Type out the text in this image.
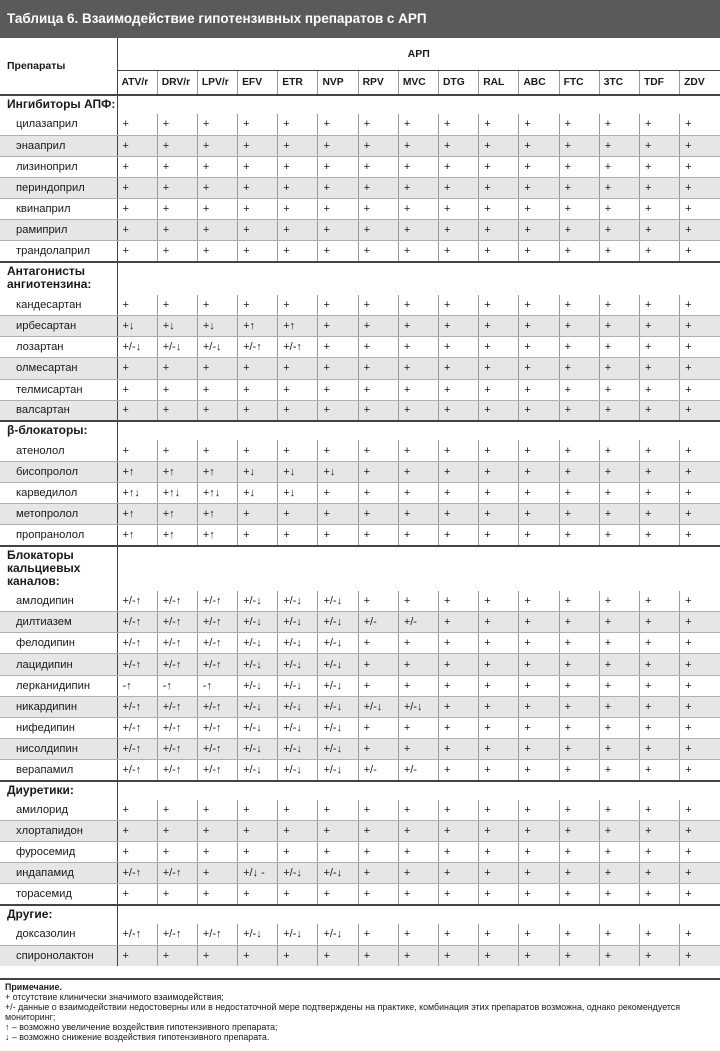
Таблица 6. Взаимодействие гипотензивных препаратов с АРП
Препараты	АРП														
	ATV/r	DRV/r	LPV/r	EFV	ETR	NVP	RPV	MVC	DTG	RAL	ABC	FTC	3TC	TDF	ZDV
Ингибиторы АПФ:															
цилазаприл	+	+	+	+	+	+	+	+	+	+	+	+	+	+	+
энааприл	+	+	+	+	+	+	+	+	+	+	+	+	+	+	+
лизиноприл	+	+	+	+	+	+	+	+	+	+	+	+	+	+	+
периндоприл	+	+	+	+	+	+	+	+	+	+	+	+	+	+	+
квинаприл	+	+	+	+	+	+	+	+	+	+	+	+	+	+	+
рамиприл	+	+	+	+	+	+	+	+	+	+	+	+	+	+	+
трандолаприл	+	+	+	+	+	+	+	+	+	+	+	+	+	+	+
Антагонисты
ангиотензина:															
кандесартан	+	+	+	+	+	+	+	+	+	+	+	+	+	+	+
ирбесартан	+↓	+↓	+↓	+↑	+↑	+	+	+	+	+	+	+	+	+	+
лозартан	+/-↓	+/-↓	+/-↓	+/-↑	+/-↑	+	+	+	+	+	+	+	+	+	+
олмесартан	+	+	+	+	+	+	+	+	+	+	+	+	+	+	+
телмисартан	+	+	+	+	+	+	+	+	+	+	+	+	+	+	+
валсартан	+	+	+	+	+	+	+	+	+	+	+	+	+	+	+
β-блокаторы:															
атенолол	+	+	+	+	+	+	+	+	+	+	+	+	+	+	+
бисопролол	+↑	+↑	+↑	+↓	+↓	+↓	+	+	+	+	+	+	+	+	+
карведилол	+↑↓	+↑↓	+↑↓	+↓	+↓	+	+	+	+	+	+	+	+	+	+
метопролол	+↑	+↑	+↑	+	+	+	+	+	+	+	+	+	+	+	+
пропранолол	+↑	+↑	+↑	+	+	+	+	+	+	+	+	+	+	+	+
Блокаторы
кальциевых
каналов:															
амлодипин	+/-↑	+/-↑	+/-↑	+/-↓	+/-↓	+/-↓	+	+	+	+	+	+	+	+	+
дилтиазем	+/-↑	+/-↑	+/-↑	+/-↓	+/-↓	+/-↓	+/-	+/-	+	+	+	+	+	+	+
фелодипин	+/-↑	+/-↑	+/-↑	+/-↓	+/-↓	+/-↓	+	+	+	+	+	+	+	+	+
лацидипин	+/-↑	+/-↑	+/-↑	+/-↓	+/-↓	+/-↓	+	+	+	+	+	+	+	+	+
лерканидипин	-↑	-↑	-↑	+/-↓	+/-↓	+/-↓	+	+	+	+	+	+	+	+	+
никардипин	+/-↑	+/-↑	+/-↑	+/-↓	+/-↓	+/-↓	+/-↓	+/-↓	+	+	+	+	+	+	+
нифедипин	+/-↑	+/-↑	+/-↑	+/-↓	+/-↓	+/-↓	+	+	+	+	+	+	+	+	+
нисолдипин	+/-↑	+/-↑	+/-↑	+/-↓	+/-↓	+/-↓	+	+	+	+	+	+	+	+	+
верапамил	+/-↑	+/-↑	+/-↑	+/-↓	+/-↓	+/-↓	+/-	+/-	+	+	+	+	+	+	+
Диуретики:															
амилорид	+	+	+	+	+	+	+	+	+	+	+	+	+	+	+
хлортапидон	+	+	+	+	+	+	+	+	+	+	+	+	+	+	+
фуросемид	+	+	+	+	+	+	+	+	+	+	+	+	+	+	+
индапамид	+/-↑	+/-↑	+	+/↓ -	+/-↓	+/-↓	+	+	+	+	+	+	+	+	+
торасемид	+	+	+	+	+	+	+	+	+	+	+	+	+	+	+
Другие:															
доксазолин	+/-↑	+/-↑	+/-↑	+/-↓	+/-↓	+/-↓	+	+	+	+	+	+	+	+	+
спиронолактон	+	+	+	+	+	+	+	+	+	+	+	+	+	+	+
Примечание.
+ отсутствие клинически значимого взаимодействия;
+/- данные о взаимодействии недостоверны или в недостаточной мере подтверждены на практике, комбинация этих препаратов возможна, однако рекомендуется мониторинг;
↑ – возможно увеличение воздействия гипотензивного препарата;
↓ – возможно снижение воздействия гипотензивного препарата.
